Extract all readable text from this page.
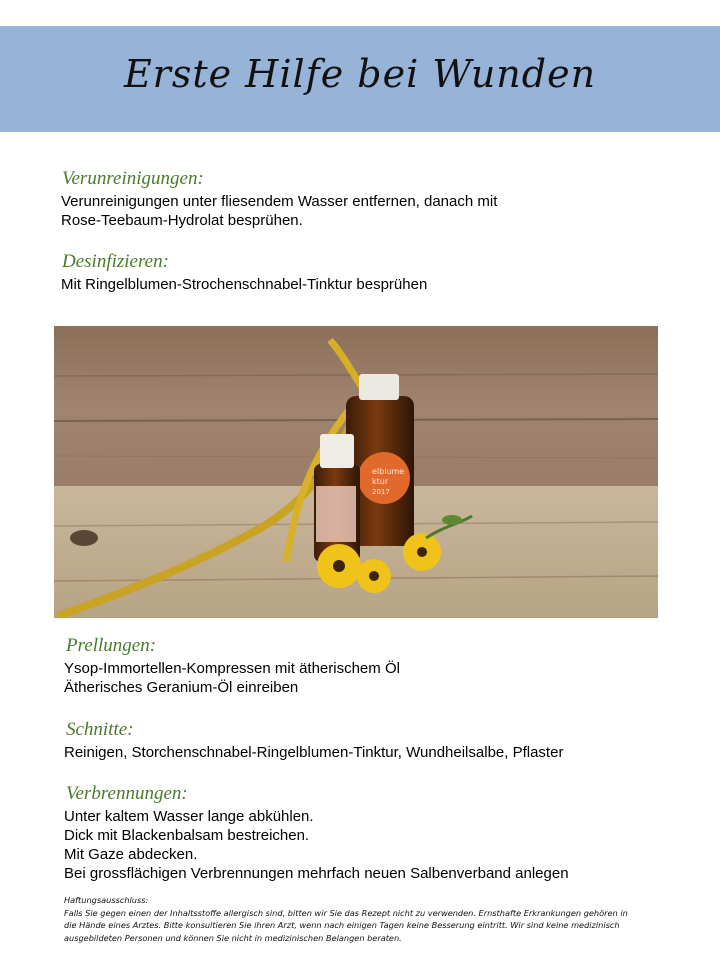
Erste Hilfe bei Wunden
Verunreinigungen:
Verunreinigungen unter fliesendem Wasser entfernen, danach mit
Rose-Teebaum-Hydrolat besprühen.
Desinfizieren:
Mit Ringelblumen-Strochenschnabel-Tinktur besprühen
elblume
ktur
2017
Prellungen:
Ysop-Immortellen-Kompressen mit ätherischem Öl
Ätherisches Geranium-Öl einreiben
Schnitte:
Reinigen, Storchenschnabel-Ringelblumen-Tinktur, Wundheilsalbe, Pflaster
Verbrennungen:
Unter kaltem Wasser lange abkühlen.
Dick mit Blackenbalsam bestreichen.
Mit Gaze abdecken.
Bei grossflächigen Verbrennungen mehrfach neuen Salbenverband anlegen
Haftungsausschluss:
Falls Sie gegen einen der Inhaltsstoffe allergisch sind, bitten wir Sie das Rezept nicht zu verwenden. Ernsthafte Erkrankungen gehören in
die Hände eines Arztes. Bitte konsultieren Sie ihren Arzt, wenn nach einigen Tagen keine Besserung eintritt. Wir sind keine medizinisch
ausgebildeten Personen und können Sie nicht in medizinischen Belangen beraten.
